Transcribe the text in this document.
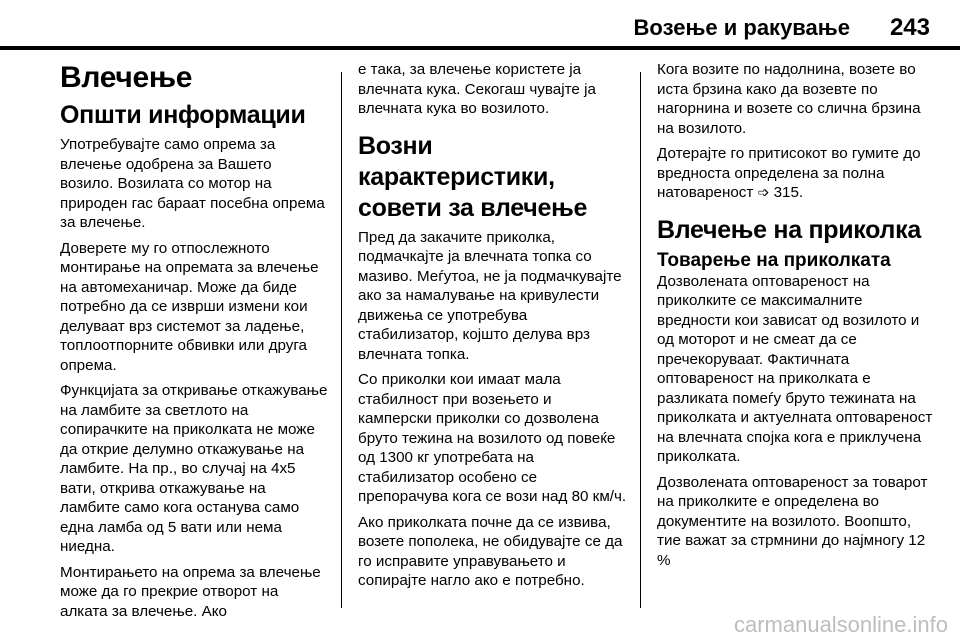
Возење и ракување 243
Влечење
Општи информации

Употребувајте само опрема за влечење одобрена за Вашето возило. Возилата со мотор на природен гас бараат посебна опрема за влечење.

Доверете му го отпослежното монтирање на опремата за влечење на автомеханичар. Може да биде потребно да се изврши измени кои делуваат врз системот за ладење, топлоотпорните обвивки или друга опрема.

Функцијата за откривање откажување на ламбите за светлото на сопирачките на приколката не може да открие делумно откажување на ламбите. На пр., во случај на 4x5 вати, открива откажување на ламбите само кога останува само една ламба од 5 вати или нема ниедна.

Монтирањето на опрема за влечење може да го прекрие отворот на алката за влечење. Ако

е така, за влечење користете ја влечната кука. Секогаш чувајте ја влечната кука во возилото.

Возни карактеристики, совети за влечење

Пред да закачите приколка, подмачкајте ја влечната топка со мазиво. Меѓутоа, не ја подмачкувајте ако за намалување на кривулести движења се употребува стабилизатор, којшто делува врз влечната топка.

Со приколки кои имаат мала стабилност при возењето и камперски приколки со дозволена бруто тежина на возилото од повеќе од 1300 кг употребата на стабилизатор особено се препорачува кога се вози над 80 км/ч.

Ако приколката почне да се извива, возете пополека, не обидувајте се да го исправите управувањето и сопирајте нагло ако е потребно.

Кога возите по надолнина, возете во иста брзина како да возевте по нагорнина и возете со слична брзина на возилото.

Дотерајте го притисокот во гумите до вредноста определена за полна натовареност ➩ 315.

Влечење на приколка
Товарење на приколката

Дозволената оптовареност на приколките се максималните вредности кои зависат од возилото и од моторот и не смеат да се пречекоруваат. Фактичната оптовареност на приколката е разликата помеѓу бруто тежината на приколката и актуелната оптовареност на влечната спојка кога е приклучена приколката.

Дозволената оптовареност за товарот на приколките е определена во документите на возилото. Воопшто, тие важат за стрмнини до најмногу 12 %

carmanualsonline.info
